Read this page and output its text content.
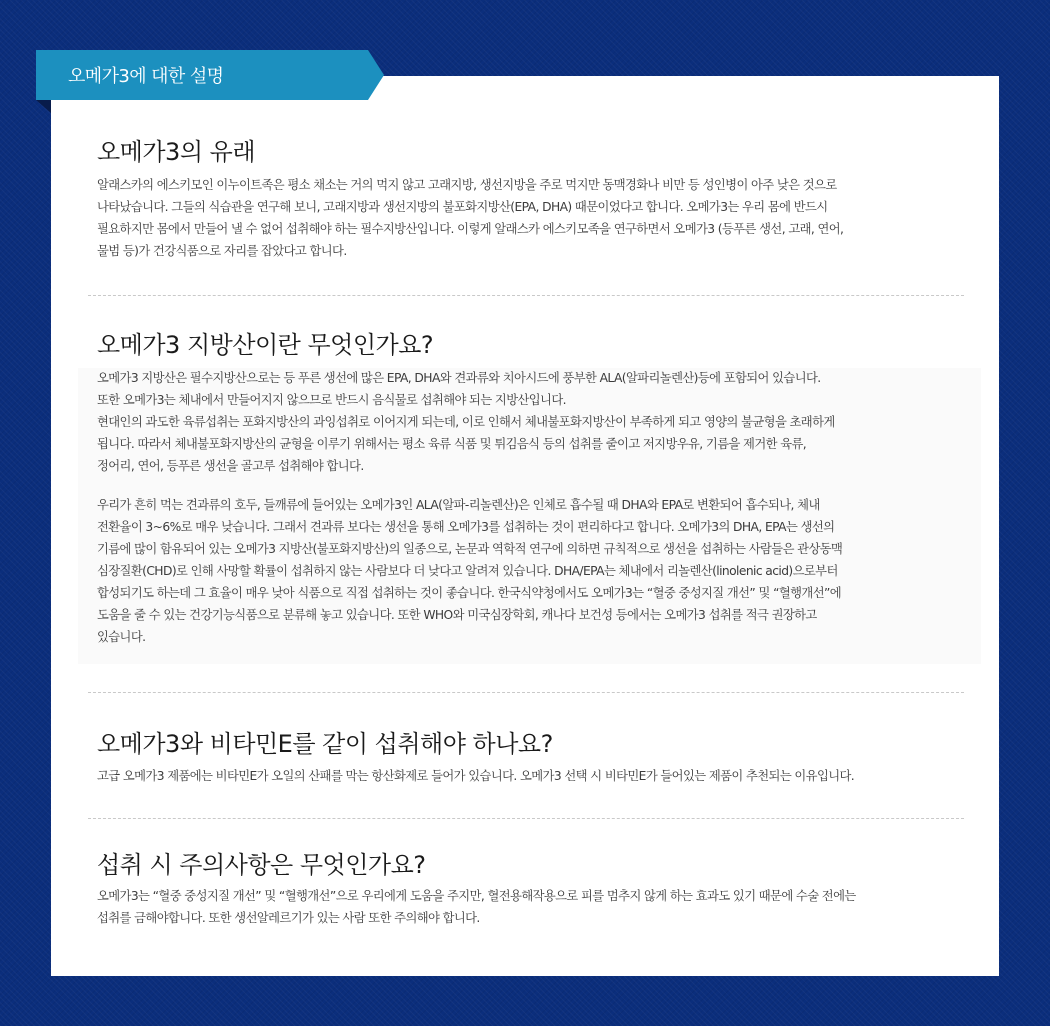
오메가3에 대한 설명
오메가3의 유래
알래스카의 에스키모인 이누이트족은 평소 채소는 거의 먹지 않고 고래지방, 생선지방을 주로 먹지만 동맥경화나 비만 등 성인병이 아주 낮은 것으로
나타났습니다. 그들의 식습관을 연구해 보니, 고래지방과 생선지방의 불포화지방산(EPA, DHA) 때문이었다고 합니다. 오메가3는 우리 몸에 반드시
필요하지만 몸에서 만들어 낼 수 없어 섭취해야 하는 필수지방산입니다. 이렇게 알래스카 에스키모족을 연구하면서 오메가3 (등푸른 생선, 고래, 연어,
물범 등)가 건강식품으로 자리를 잡았다고 합니다.
오메가3 지방산이란 무엇인가요?
오메가3 지방산은 필수지방산으로는 등 푸른 생선에 많은 EPA, DHA와 견과류와 치아시드에 풍부한 ALA(알파리놀렌산)등에 포함되어 있습니다.
또한 오메가3는 체내에서 만들어지지 않으므로 반드시 음식물로 섭취해야 되는 지방산입니다.
현대인의 과도한 육류섭취는 포화지방산의 과잉섭취로 이어지게 되는데, 이로 인해서 체내불포화지방산이 부족하게 되고 영양의 불균형을 초래하게
됩니다. 따라서 체내불포화지방산의 균형을 이루기 위해서는 평소 육류 식품 및 튀김음식 등의 섭취를 줄이고 저지방우유, 기름을 제거한 육류,
정어리, 연어, 등푸른 생선을 골고루 섭취해야 합니다.
우리가 흔히 먹는 견과류의 호두, 들깨류에 들어있는 오메가3인 ALA(알파-리놀렌산)은 인체로 흡수될 때 DHA와 EPA로 변환되어 흡수되나, 체내
전환율이 3~6%로 매우 낮습니다. 그래서 견과류 보다는 생선을 통해 오메가3를 섭취하는 것이 편리하다고 합니다. 오메가3의 DHA, EPA는 생선의
기름에 많이 함유되어 있는 오메가3 지방산(불포화지방산)의 일종으로, 논문과 역학적 연구에 의하면 규칙적으로 생선을 섭취하는 사람들은 관상동맥
심장질환(CHD)로 인해 사망할 확률이 섭취하지 않는 사람보다 더 낮다고 알려져 있습니다. DHA/EPA는 체내에서 리놀렌산(linolenic acid)으로부터
합성되기도 하는데 그 효율이 매우 낮아 식품으로 직접 섭취하는 것이 좋습니다. 한국식약청에서도 오메가3는 “혈중 중성지질 개선” 및 “혈행개선”에
도움을 줄 수 있는 건강기능식품으로 분류해 놓고 있습니다. 또한 WHO와 미국심장학회, 캐나다 보건성 등에서는 오메가3 섭취를 적극 권장하고
있습니다.
오메가3와 비타민E를 같이 섭취해야 하나요?
고급 오메가3 제품에는 비타민E가 오일의 산패를 막는 항산화제로 들어가 있습니다. 오메가3 선택 시 비타민E가 들어있는 제품이 추천되는 이유입니다.
섭취 시 주의사항은 무엇인가요?
오메가3는 “혈중 중성지질 개선” 및 “혈행개선”으로 우리에게 도움을 주지만, 혈전용해작용으로 피를 멈추지 않게 하는 효과도 있기 때문에 수술 전에는
섭취를 금해야합니다. 또한 생선알레르기가 있는 사람 또한 주의해야 합니다.
